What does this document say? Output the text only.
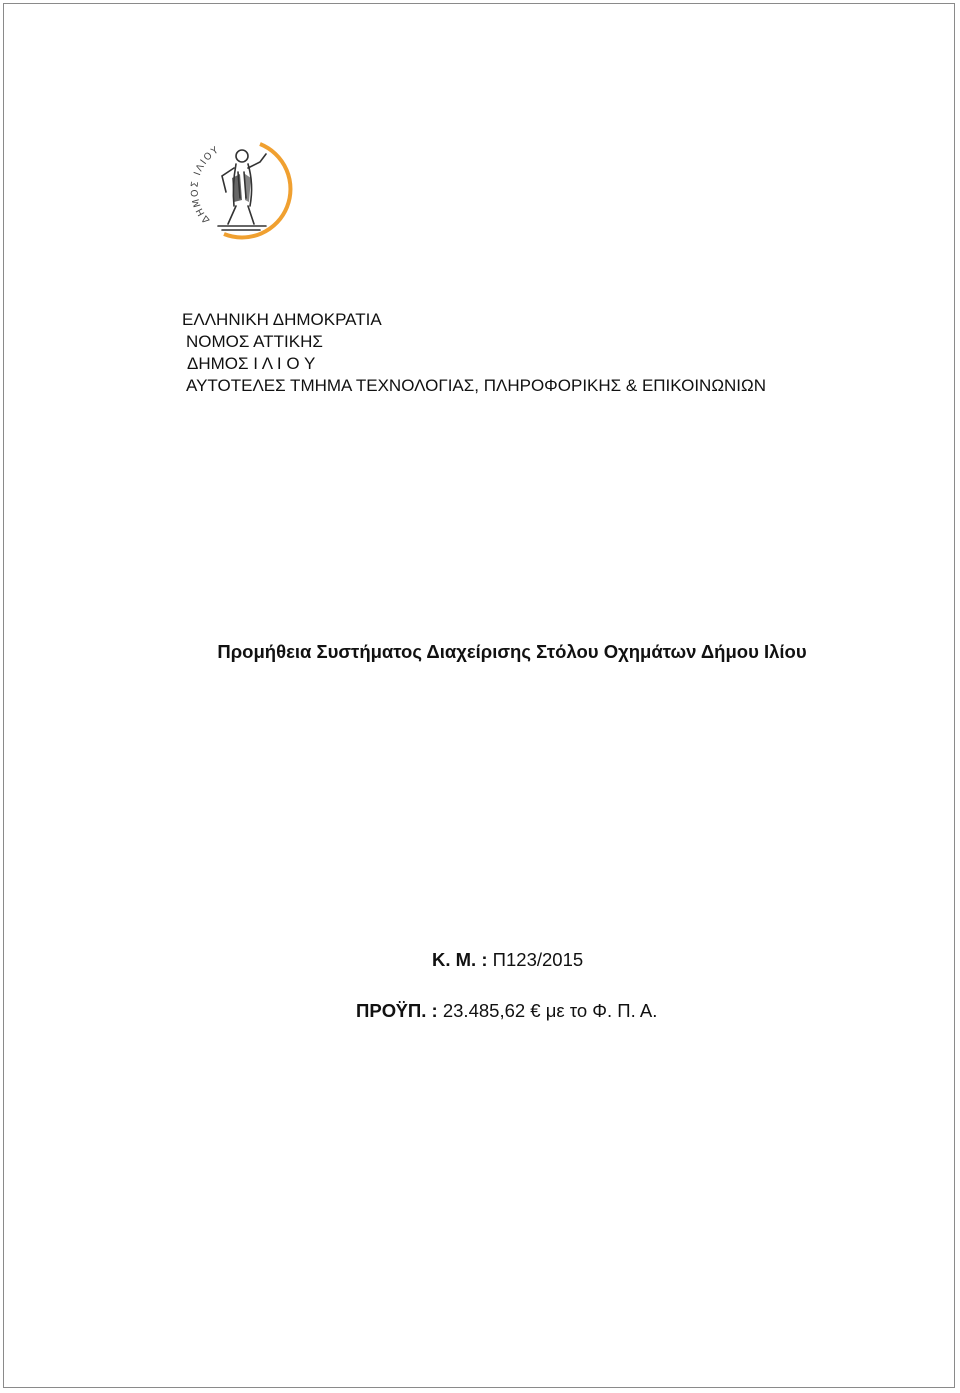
ΔΗΜΟΣ ΙΛΙΟΥ
ΕΛΛΗΝΙΚΗ ΔΗΜΟΚΡΑΤΙΑ
ΝΟΜΟΣ ΑΤΤΙΚΗΣ
ΔΗΜΟΣ Ι Λ Ι Ο Υ
ΑΥΤΟΤΕΛΕΣ ΤΜΗΜΑ ΤΕΧΝΟΛΟΓΙΑΣ, ΠΛΗΡΟΦΟΡΙΚΗΣ & ΕΠΙΚΟΙΝΩΝΙΩΝ
Προμήθεια Συστήματος Διαχείρισης Στόλου Οχημάτων Δήμου Ιλίου
Κ. Μ. : Π123/2015
ΠΡΟΫΠ. : 23.485,62 € με το Φ. Π. Α.
